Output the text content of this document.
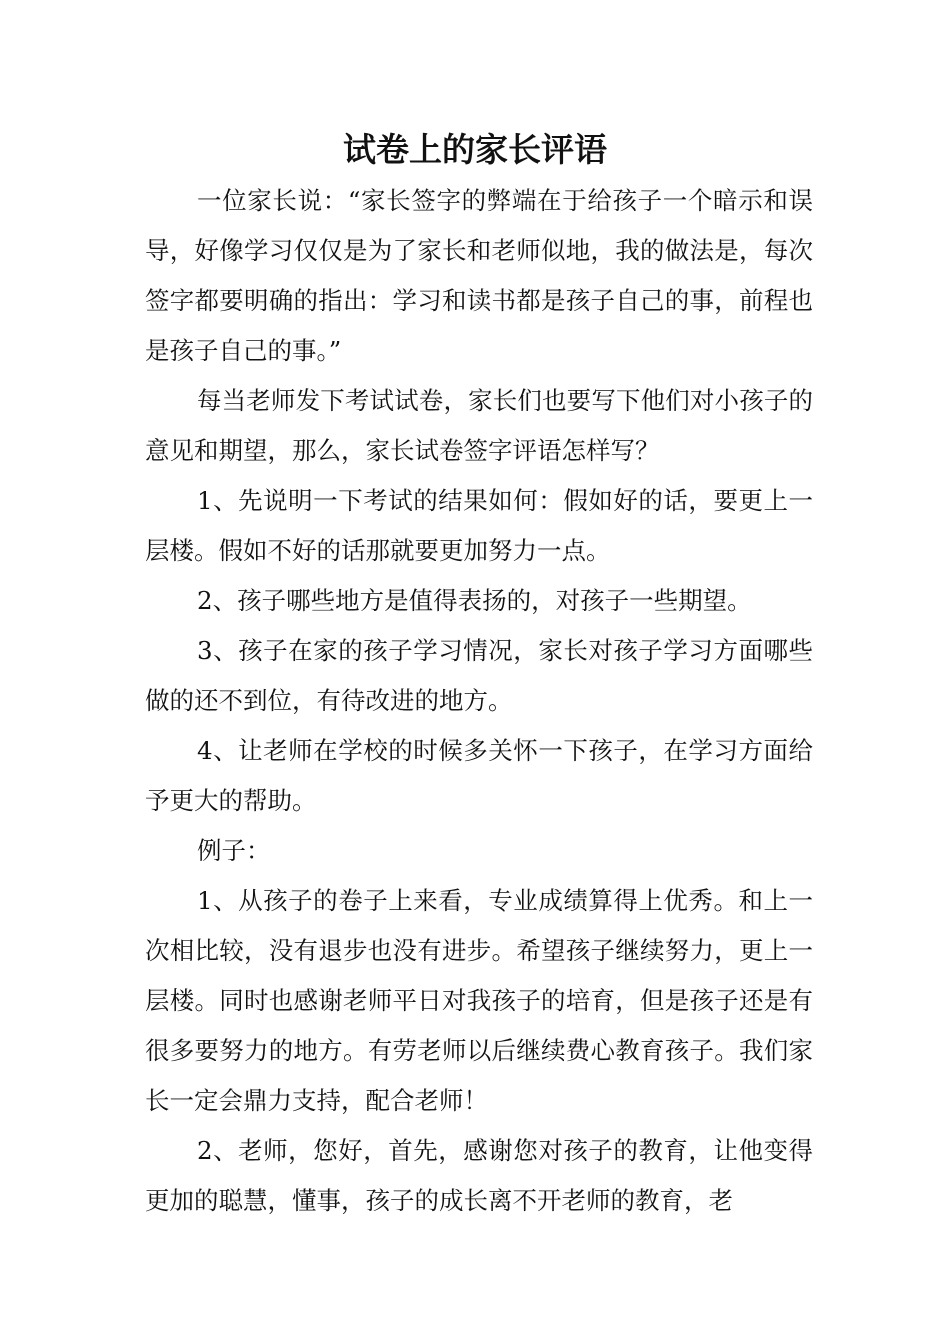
试卷上的家长评语

一位家长说：“家长签字的弊端在于给孩子一个暗示和误导，好像学习仅仅是为了家长和老师似地，我的做法是，每次签字都要明确的指出：学习和读书都是孩子自己的事，前程也是孩子自己的事。”

每当老师发下考试试卷，家长们也要写下他们对小孩子的意见和期望，那么，家长试卷签字评语怎样写？

1、先说明一下考试的结果如何：假如好的话，要更上一层楼。假如不好的话那就要更加努力一点。

2、孩子哪些地方是值得表扬的，对孩子一些期望。

3、孩子在家的孩子学习情况，家长对孩子学习方面哪些做的还不到位，有待改进的地方。

4、让老师在学校的时候多关怀一下孩子，在学习方面给予更大的帮助。

例子：

1、从孩子的卷子上来看，专业成绩算得上优秀。和上一次相比较，没有退步也没有进步。希望孩子继续努力，更上一层楼。同时也感谢老师平日对我孩子的培育，但是孩子还是有很多要努力的地方。有劳老师以后继续费心教育孩子。我们家长一定会鼎力支持，配合老师！

2、老师，您好，首先，感谢您对孩子的教育，让他变得更加的聪慧，懂事，孩子的成长离不开老师的教育，老
